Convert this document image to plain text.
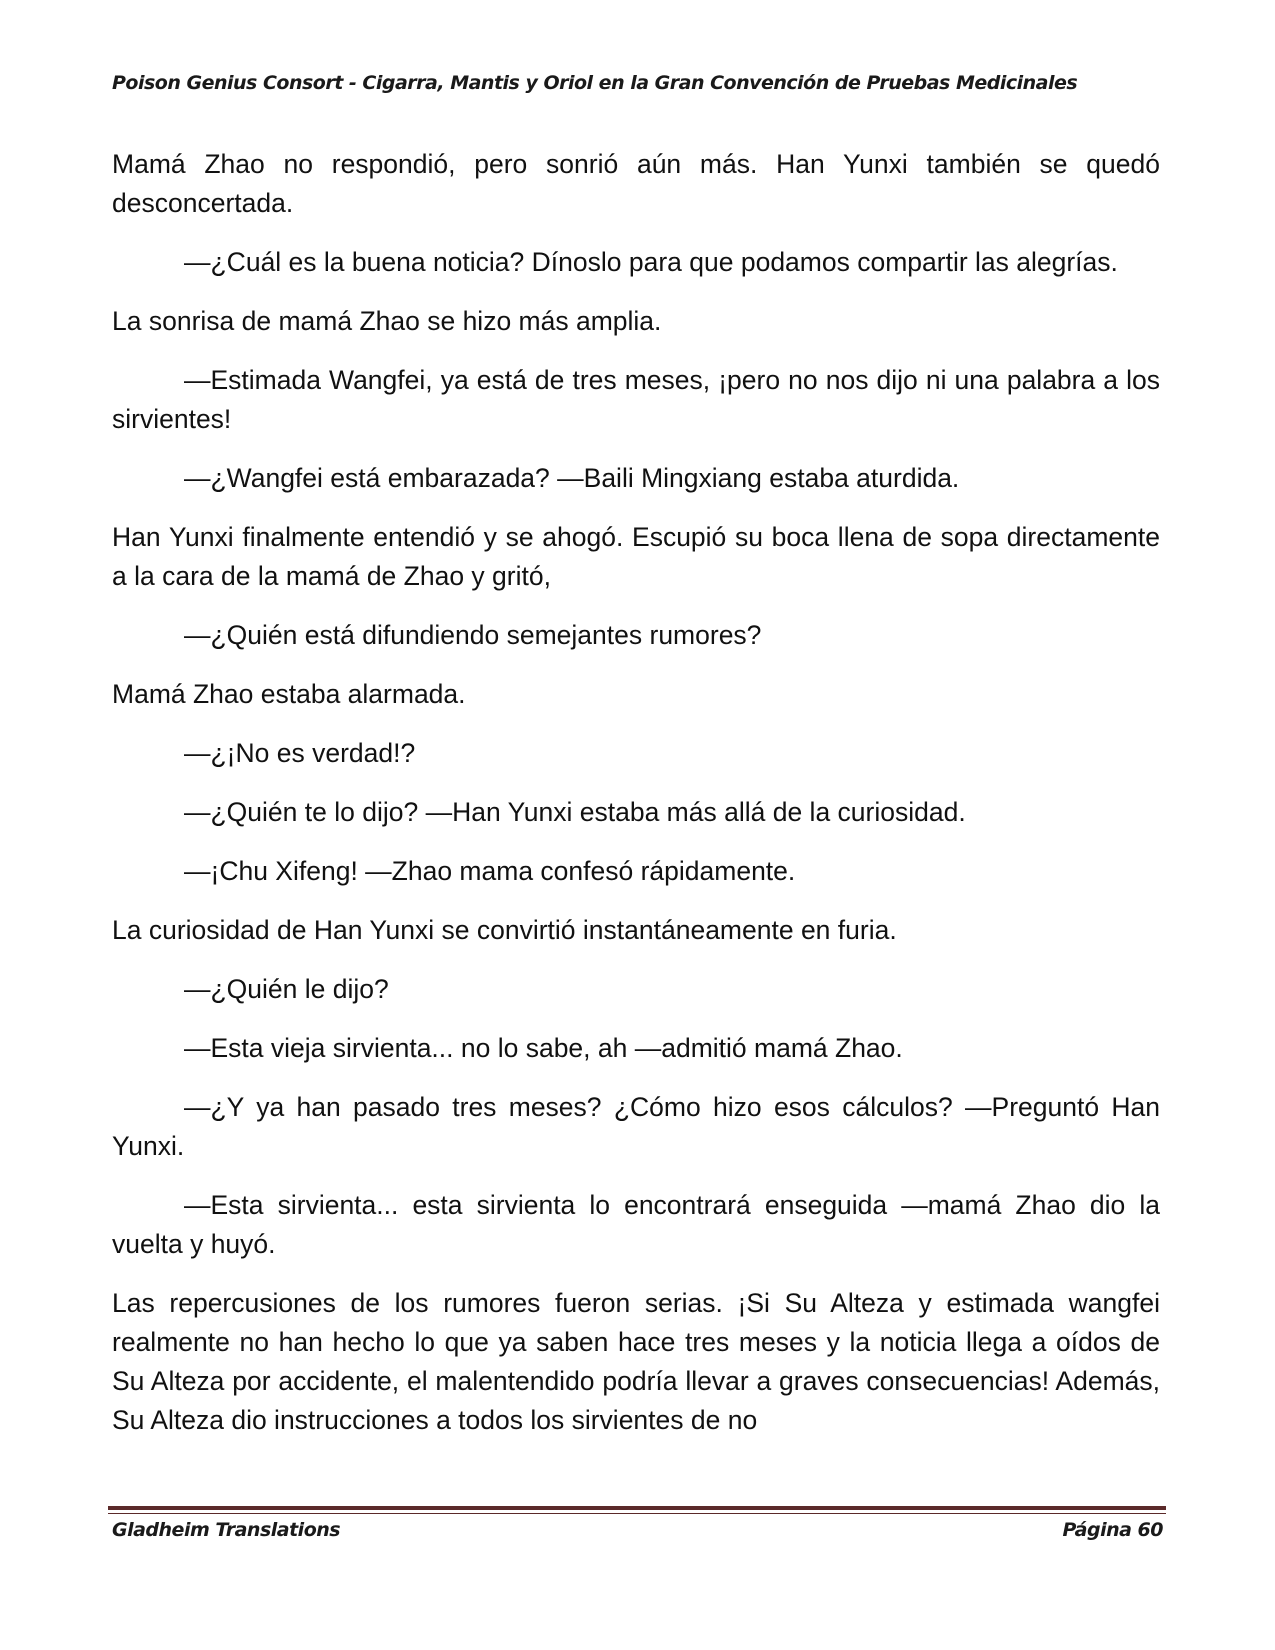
Poison Genius Consort - Cigarra, Mantis y Oriol en la Gran Convención de Pruebas Medicinales

Mamá Zhao no respondió, pero sonrió aún más. Han Yunxi también se quedó desconcertada.

—¿Cuál es la buena noticia? Dínoslo para que podamos compartir las alegrías.

La sonrisa de mamá Zhao se hizo más amplia.

—Estimada Wangfei, ya está de tres meses, ¡pero no nos dijo ni una palabra a los sirvientes!

—¿Wangfei está embarazada? —Baili Mingxiang estaba aturdida.

Han Yunxi finalmente entendió y se ahogó. Escupió su boca llena de sopa directamente a la cara de la mamá de Zhao y gritó,

—¿Quién está difundiendo semejantes rumores?

Mamá Zhao estaba alarmada.

—¿¡No es verdad!?

—¿Quién te lo dijo? —Han Yunxi estaba más allá de la curiosidad.

—¡Chu Xifeng! —Zhao mama confesó rápidamente.

La curiosidad de Han Yunxi se convirtió instantáneamente en furia.

—¿Quién le dijo?

—Esta vieja sirvienta... no lo sabe, ah —admitió mamá Zhao.

—¿Y ya han pasado tres meses? ¿Cómo hizo esos cálculos? —Preguntó Han Yunxi.

—Esta sirvienta... esta sirvienta lo encontrará enseguida —mamá Zhao dio la vuelta y huyó.

Las repercusiones de los rumores fueron serias. ¡Si Su Alteza y estimada wangfei realmente no han hecho lo que ya saben hace tres meses y la noticia llega a oídos de Su Alteza por accidente, el malentendido podría llevar a graves consecuencias! Además, Su Alteza dio instrucciones a todos los sirvientes de no

Gladheim Translations	Página 60
